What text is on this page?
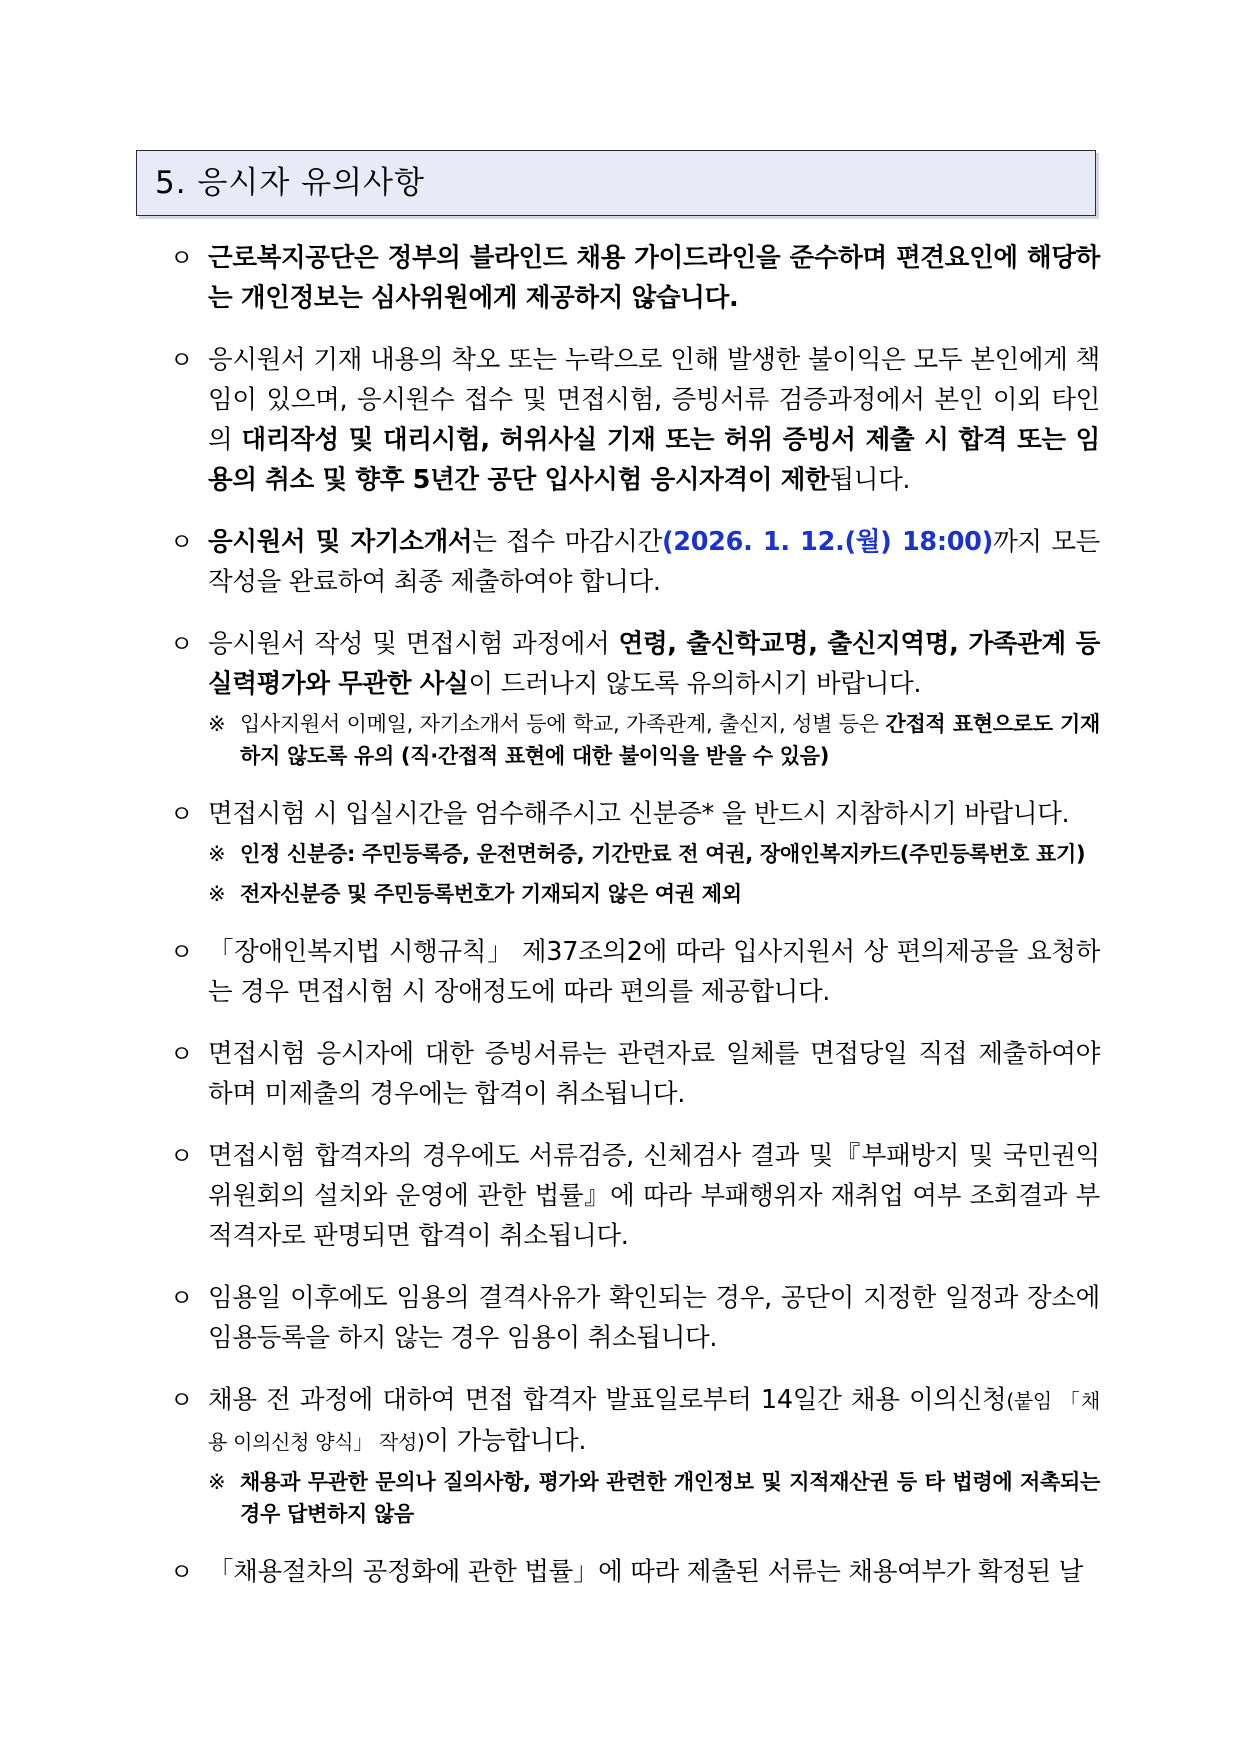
5. 응시자 유의사항
ㅇ 근로복지공단은 정부의 블라인드 채용 가이드라인을 준수하며 편견요인에 해당하는 개인정보는 심사위원에게 제공하지 않습니다.

ㅇ 응시원서 기재 내용의 착오 또는 누락으로 인해 발생한 불이익은 모두 본인에게 책임이 있으며, 응시원수 접수 및 면접시험, 증빙서류 검증과정에서 본인 이외 타인의 대리작성 및 대리시험, 허위사실 기재 또는 허위 증빙서 제출 시 합격 또는 임용의 취소 및 향후 5년간 공단 입사시험 응시자격이 제한됩니다.

ㅇ 응시원서 및 자기소개서는 접수 마감시간(2026. 1. 12.(월) 18:00)까지 모든 작성을 완료하여 최종 제출하여야 합니다.

ㅇ 응시원서 작성 및 면접시험 과정에서 연령, 출신학교명, 출신지역명, 가족관계 등 실력평가와 무관한 사실이 드러나지 않도록 유의하시기 바랍니다.

※ 입사지원서 이메일, 자기소개서 등에 학교, 가족관계, 출신지, 성별 등은 간접적 표현으로도 기재하지 않도록 유의 (직·간접적 표현에 대한 불이익을 받을 수 있음)
ㅇ 면접시험 시 입실시간을 엄수해주시고 신분증* 을 반드시 지참하시기 바랍니다.

※ 인정 신분증: 주민등록증, 운전면허증, 기간만료 전 여권, 장애인복지카드(주민등록번호 표기)
※ 전자신분증 및 주민등록번호가 기재되지 않은 여권 제외
ㅇ 「장애인복지법 시행규칙」 제37조의2에 따라 입사지원서 상 편의제공을 요청하는 경우 면접시험 시 장애정도에 따라 편의를 제공합니다.

ㅇ 면접시험 응시자에 대한 증빙서류는 관련자료 일체를 면접당일 직접 제출하여야 하며 미제출의 경우에는 합격이 취소됩니다.

ㅇ 면접시험 합격자의 경우에도 서류검증, 신체검사 결과 및『부패방지 및 국민권익위원회의 설치와 운영에 관한 법률』에 따라 부패행위자 재취업 여부 조회결과 부적격자로 판명되면 합격이 취소됩니다.

ㅇ 임용일 이후에도 임용의 결격사유가 확인되는 경우, 공단이 지정한 일정과 장소에 임용등록을 하지 않는 경우 임용이 취소됩니다.

ㅇ 채용 전 과정에 대하여 면접 합격자 발표일로부터 14일간 채용 이의신청(붙임 「채용 이의신청 양식」 작성)이 가능합니다.

※ 채용과 무관한 문의나 질의사항, 평가와 관련한 개인정보 및 지적재산권 등 타 법령에 저촉되는 경우 답변하지 않음
ㅇ 「채용절차의 공정화에 관한 법률」에 따라 제출된 서류는 채용여부가 확정된 날
